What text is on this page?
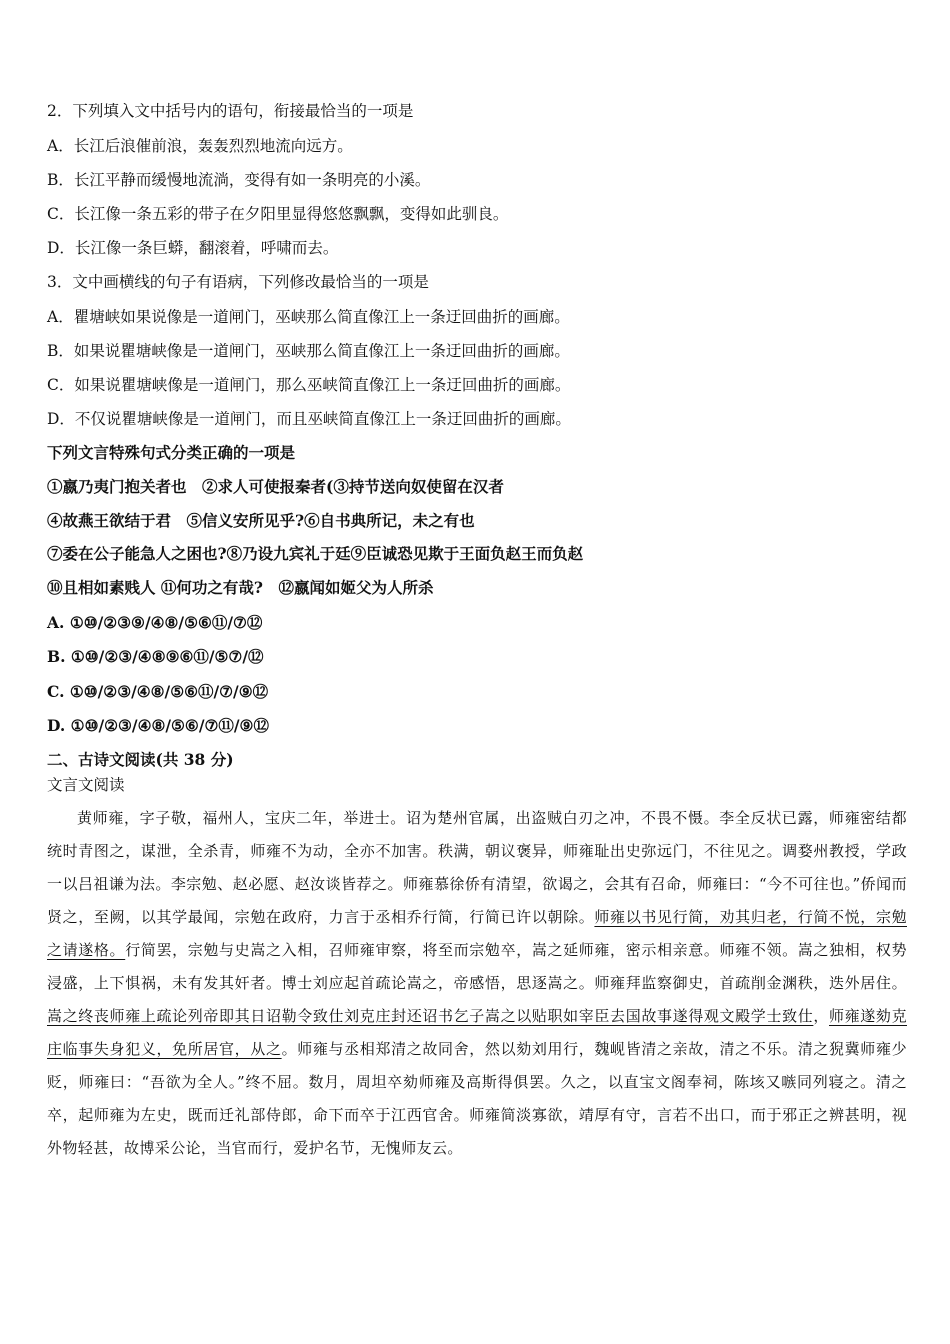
2．下列填入文中括号内的语句，衔接最恰当的一项是
A．长江后浪催前浪，轰轰烈烈地流向远方。
B．长江平静而缓慢地流淌，变得有如一条明亮的小溪。
C．长江像一条五彩的带子在夕阳里显得悠悠飘飘，变得如此驯良。
D．长江像一条巨蟒，翻滚着，呼啸而去。
3．文中画横线的句子有语病，下列修改最恰当的一项是
A．瞿塘峡如果说像是一道闸门，巫峡那么简直像江上一条迂回曲折的画廊。
B．如果说瞿塘峡像是一道闸门，巫峡那么简直像江上一条迂回曲折的画廊。
C．如果说瞿塘峡像是一道闸门，那么巫峡简直像江上一条迂回曲折的画廊。
D．不仅说瞿塘峡像是一道闸门，而且巫峡简直像江上一条迂回曲折的画廊。
下列文言特殊句式分类正确的一项是
①嬴乃夷门抱关者也　②求人可使报秦者(③持节送向奴使留在汉者
④故燕王欲结于君　⑤信义安所见乎?⑥自书典所记，未之有也
⑦委在公子能急人之困也?⑧乃设九宾礼于廷⑨臣诚恐见欺于王面负赵王而负赵
⑩且相如素贱人 ⑪何功之有哉?　⑫嬴闻如姬父为人所杀
A. ①⑩/②③⑨/④⑧/⑤⑥⑪/⑦⑫
B. ①⑩/②③/④⑧⑨⑥⑪/⑤⑦/⑫
C. ①⑩/②③/④⑧/⑤⑥⑪/⑦/⑨⑫
D. ①⑩/②③/④⑧/⑤⑥/⑦⑪/⑨⑫
二、古诗文阅读(共 38 分)
文言文阅读

黄师雍，字子敬，福州人，宝庆二年，举进士。诏为楚州官属，出盗贼白刃之冲，不畏不慑。李全反状已露，师雍密结都统时青图之，谋泄，全杀青，师雍不为动，全亦不加害。秩满，朝议褒异，师雍耻出史弥远门，不往见之。调婺州教授，学政一以吕祖谦为法。李宗勉、赵必愿、赵汝谈皆荐之。师雍慕徐侨有清望，欲谒之，会其有召命，师雍曰：“今不可往也。”侨闻而贤之，至阙，以其学最闻，宗勉在政府，力言于丞相乔行简，行简已许以朝除。师雍以书见行简，劝其归老，行简不悦，宗勉之请遂格。行简罢，宗勉与史嵩之入相，召师雍审察，将至而宗勉卒，嵩之延师雍，密示相亲意。师雍不领。嵩之独相，权势浸盛，上下惧祸，未有发其奸者。博士刘应起首疏论嵩之，帝感悟，思逐嵩之。师雍拜监察御史，首疏削金渊秩，迭外居住。嵩之终丧师雍上疏论列帝即其日诏勒令致仕刘克庄封还诏书乞子嵩之以贴职如宰臣去国故事遂得观文殿学士致仕，师雍遂劾克庄临事失身犯义，免所居官，从之。师雍与丞相郑清之故同舍，然以劾刘用行，魏岘皆清之亲故，清之不乐。清之猊冀师雍少贬，师雍曰：“吾欲为全人。”终不屈。数月，周坦卒劾师雍及高斯得俱罢。久之，以直宝文阁奉祠，陈垓又嗾同列寝之。清之卒，起师雍为左史，既而迁礼部侍郎，命下而卒于江西官舍。师雍简淡寡欲，靖厚有守，言若不出口，而于邪正之辨甚明，视外物轻甚，故博采公论，当官而行，爱护名节，无愧师友云。
